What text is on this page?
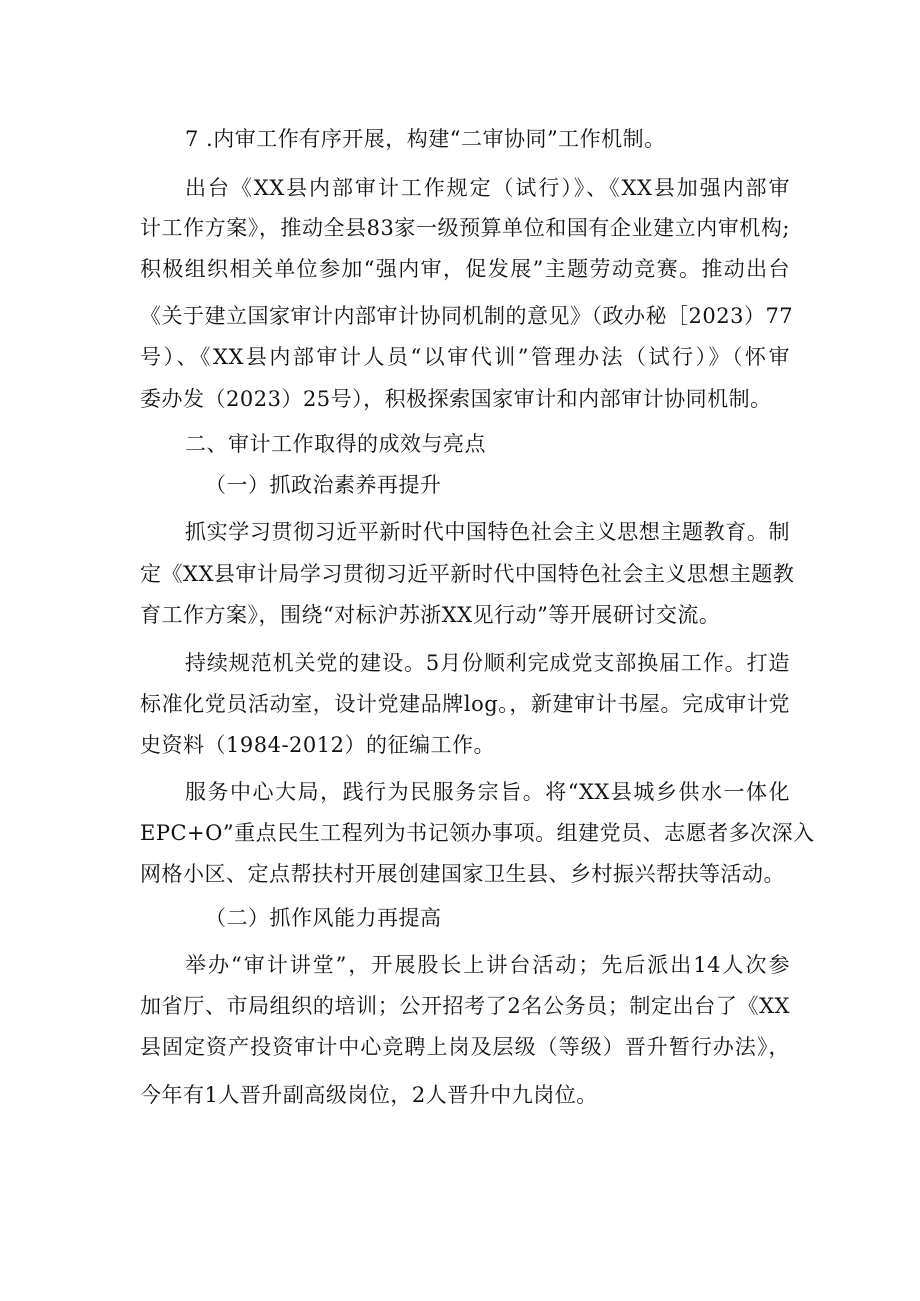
7 .内审工作有序开展，构建“二审协同”工作机制。
出台《XX县内部审计工作规定（试行）》、《XX县加强内部审
计工作方案》，推动全县83家一级预算单位和国有企业建立内审机构;
积极组织相关单位参加“强内审，促发展”主题劳动竞赛。推动出台
《关于建立国家审计内部审计协同机制的意见》（政办秘［2023）77
号）、《XX县内部审计人员“以审代训”管理办法（试行）》（怀审
委办发（2023）25号），积极探索国家审计和内部审计协同机制。
二、审计工作取得的成效与亮点
（一）抓政治素养再提升
抓实学习贯彻习近平新时代中国特色社会主义思想主题教育。制
定《XX县审计局学习贯彻习近平新时代中国特色社会主义思想主题教
育工作方案》，围绕“对标沪苏浙XX见行动”等开展研讨交流。
持续规范机关党的建设。5月份顺利完成党支部换届工作。打造
标准化党员活动室，设计党建品牌log。，新建审计书屋。完成审计党
史资料（1984-2012）的征编工作。
服务中心大局，践行为民服务宗旨。将“XX县城乡供水一体化
EPC+O”重点民生工程列为书记领办事项。组建党员、志愿者多次深入
网格小区、定点帮扶村开展创建国家卫生县、乡村振兴帮扶等活动。
（二）抓作风能力再提高
举办“审计讲堂”，开展股长上讲台活动；先后派出14人次参
加省厅、市局组织的培训；公开招考了2名公务员；制定出台了《XX
县固定资产投资审计中心竞聘上岗及层级（等级）晋升暂行办法》，
今年有1人晋升副高级岗位，2人晋升中九岗位。
